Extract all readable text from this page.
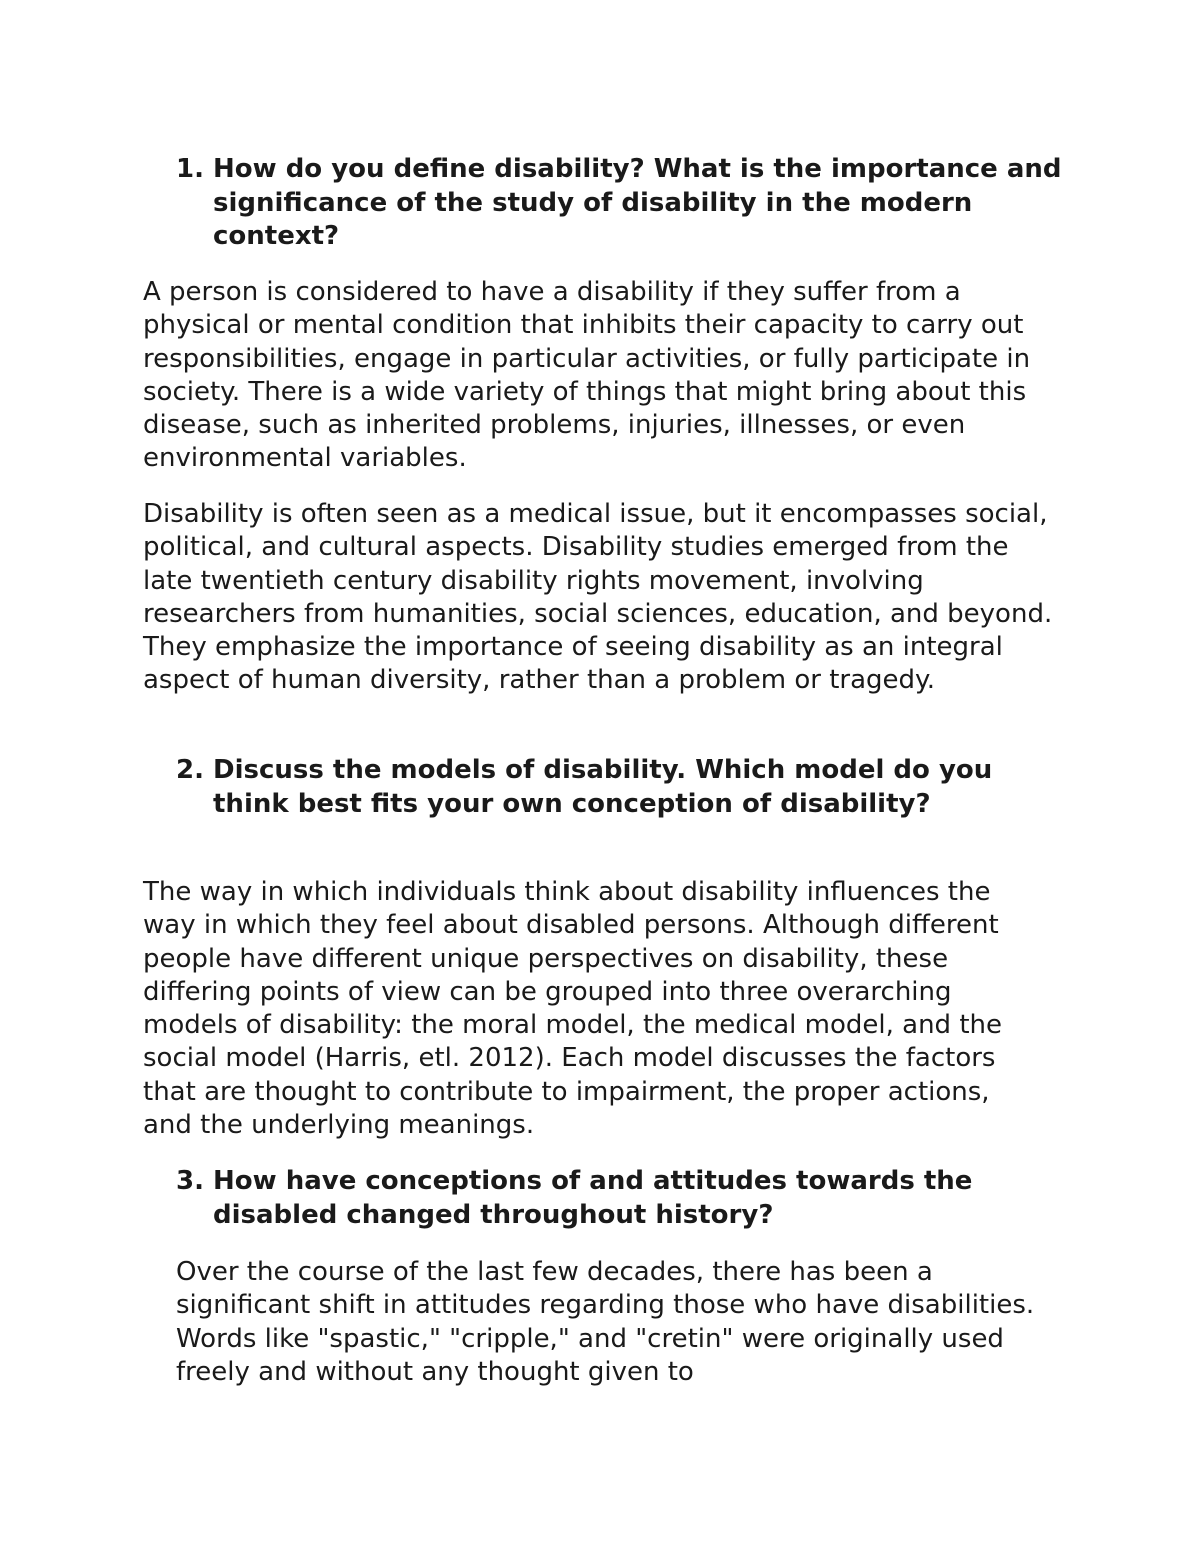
1. How do you define disability? What is the importance and significance of the study of disability in the modern context?
A person is considered to have a disability if they suffer from a physical or mental condition that inhibits their capacity to carry out responsibilities, engage in particular activities, or fully participate in society. There is a wide variety of things that might bring about this disease, such as inherited problems, injuries, illnesses, or even environmental variables.
Disability is often seen as a medical issue, but it encompasses social, political, and cultural aspects. Disability studies emerged from the late twentieth century disability rights movement, involving researchers from humanities, social sciences, education, and beyond. They emphasize the importance of seeing disability as an integral aspect of human diversity, rather than a problem or tragedy.
2. Discuss the models of disability. Which model do you think best fits your own conception of disability?
The way in which individuals think about disability influences the way in which they feel about disabled persons. Although different people have different unique perspectives on disability, these differing points of view can be grouped into three overarching models of disability: the moral model, the medical model, and the social model (Harris, etl. 2012). Each model discusses the factors that are thought to contribute to impairment, the proper actions, and the underlying meanings.
3. How have conceptions of and attitudes towards the disabled changed throughout history?
Over the course of the last few decades, there has been a significant shift in attitudes regarding those who have disabilities. Words like "spastic," "cripple," and "cretin" were originally used freely and without any thought given to
